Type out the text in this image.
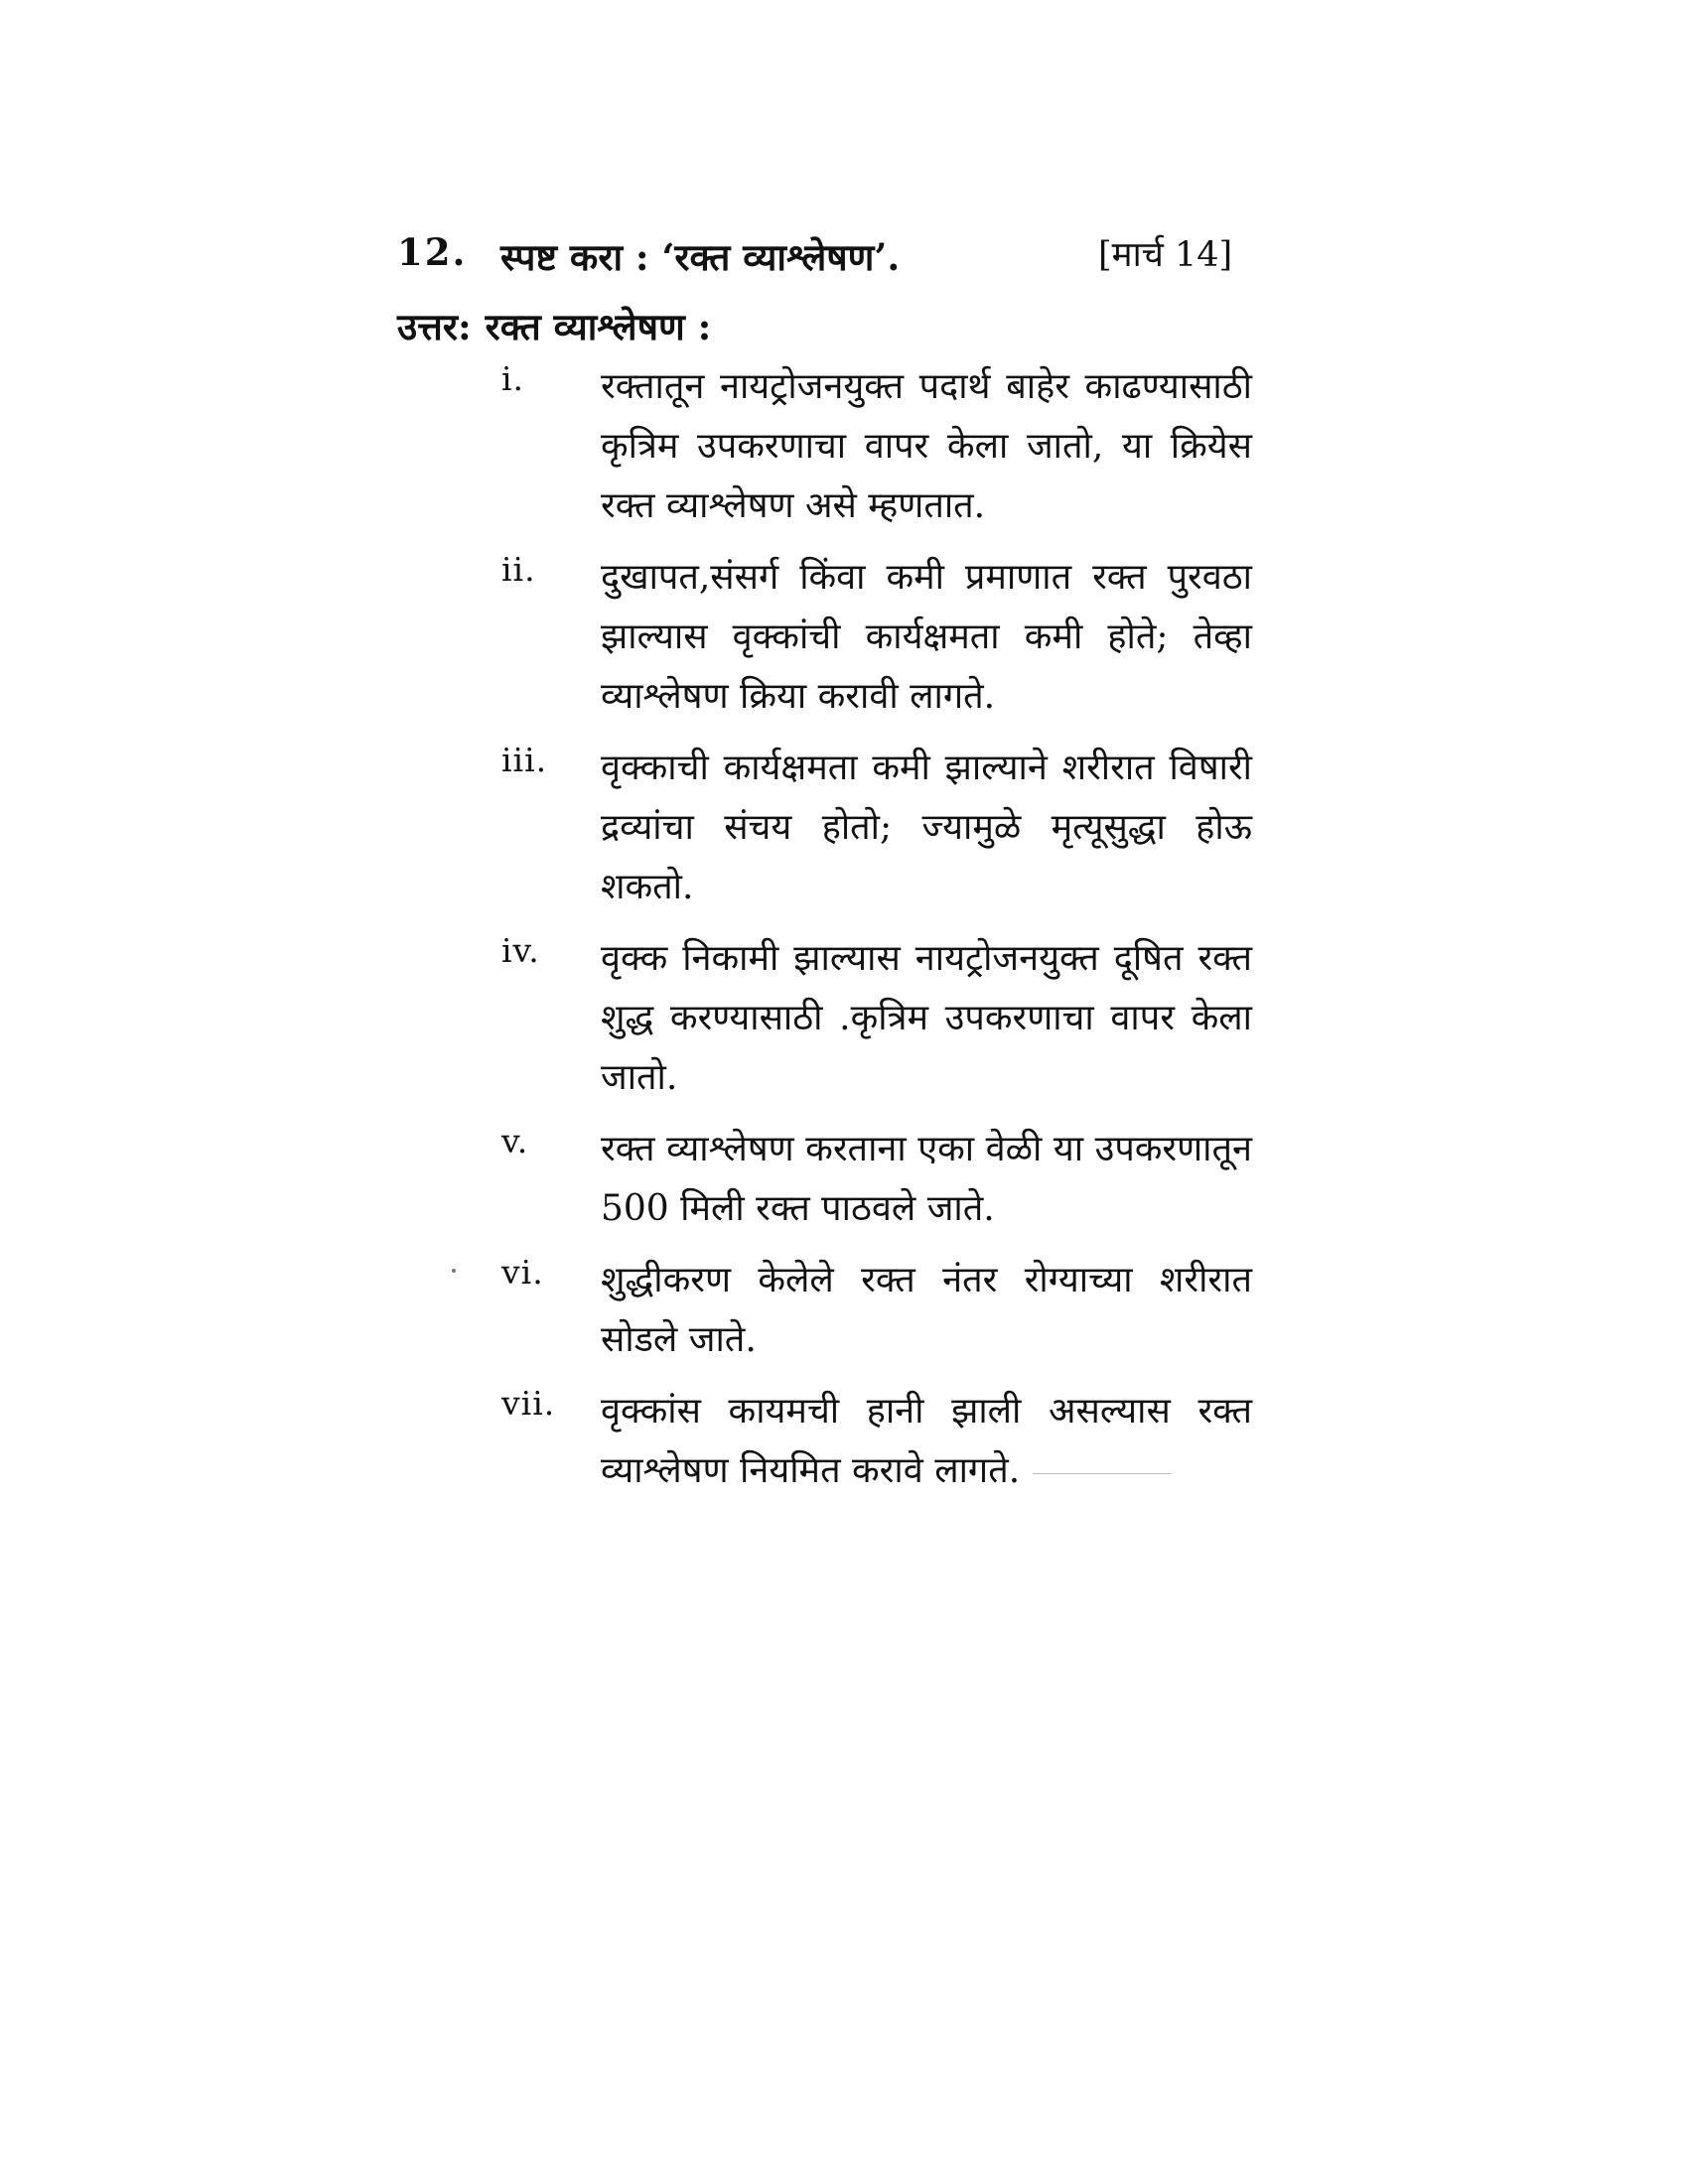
12. स्पष्ट करा : ‘रक्त व्याश्लेषण’.	[मार्च 14]
उत्तर: रक्त व्याश्लेषण :
i. रक्तातून नायट्रोजनयुक्त पदार्थ बाहेर काढण्यासाठी कृत्रिम उपकरणाचा वापर केला जातो, या क्रियेस रक्त व्याश्लेषण असे म्हणतात.
ii. दुखापत,संसर्ग किंवा कमी प्रमाणात रक्त पुरवठा झाल्यास वृक्कांची कार्यक्षमता कमी होते; तेव्हा व्याश्लेषण क्रिया करावी लागते.
iii. वृक्काची कार्यक्षमता कमी झाल्याने शरीरात विषारी द्रव्यांचा संचय होतो; ज्यामुळे मृत्यूसुद्धा होऊ शकतो.
iv. वृक्क निकामी झाल्यास नायट्रोजनयुक्त दूषित रक्त शुद्ध करण्यासाठी .कृत्रिम उपकरणाचा वापर केला जातो.
v. रक्त व्याश्लेषण करताना एका वेळी या उपकरणातून 500 मिली रक्त पाठवले जाते.
vi. शुद्धीकरण केलेले रक्त नंतर रोग्याच्या शरीरात सोडले जाते.
vii. वृक्कांस कायमची हानी झाली असल्यास रक्त व्याश्लेषण नियमित करावे लागते.
